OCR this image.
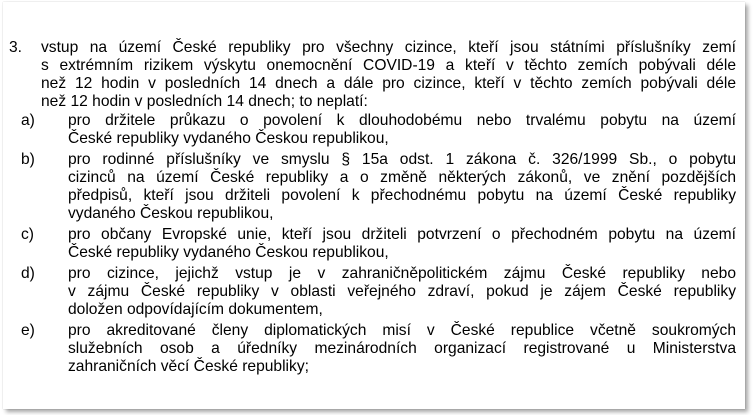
3. vstup na území České republiky pro všechny cizince, kteří jsou státními příslušníky zemí
s extrémním rizikem výskytu onemocnění COVID-19 a kteří v těchto zemích pobývali déle
než 12 hodin v posledních 14 dnech a dále pro cizince, kteří v těchto zemích pobývali déle
než 12 hodin v posledních 14 dnech; to neplatí:
a) pro držitele průkazu o povolení k dlouhodobému nebo trvalému pobytu na území
České republiky vydaného Českou republikou,
b) pro rodinné příslušníky ve smyslu § 15a odst. 1 zákona č. 326/1999 Sb., o pobytu
cizinců na území České republiky a o změně některých zákonů, ve znění pozdějších
předpisů, kteří jsou držiteli povolení k přechodnému pobytu na území České republiky
vydaného Českou republikou,
c) pro občany Evropské unie, kteří jsou držiteli potvrzení o přechodném pobytu na území
České republiky vydaného Českou republikou,
d) pro cizince, jejichž vstup je v zahraničněpolitickém zájmu České republiky nebo
v zájmu České republiky v oblasti veřejného zdraví, pokud je zájem České republiky
doložen odpovídajícím dokumentem,
e) pro akreditované členy diplomatických misí v České republice včetně soukromých
služebních osob a úředníky mezinárodních organizací registrované u Ministerstva
zahraničních věcí České republiky;
